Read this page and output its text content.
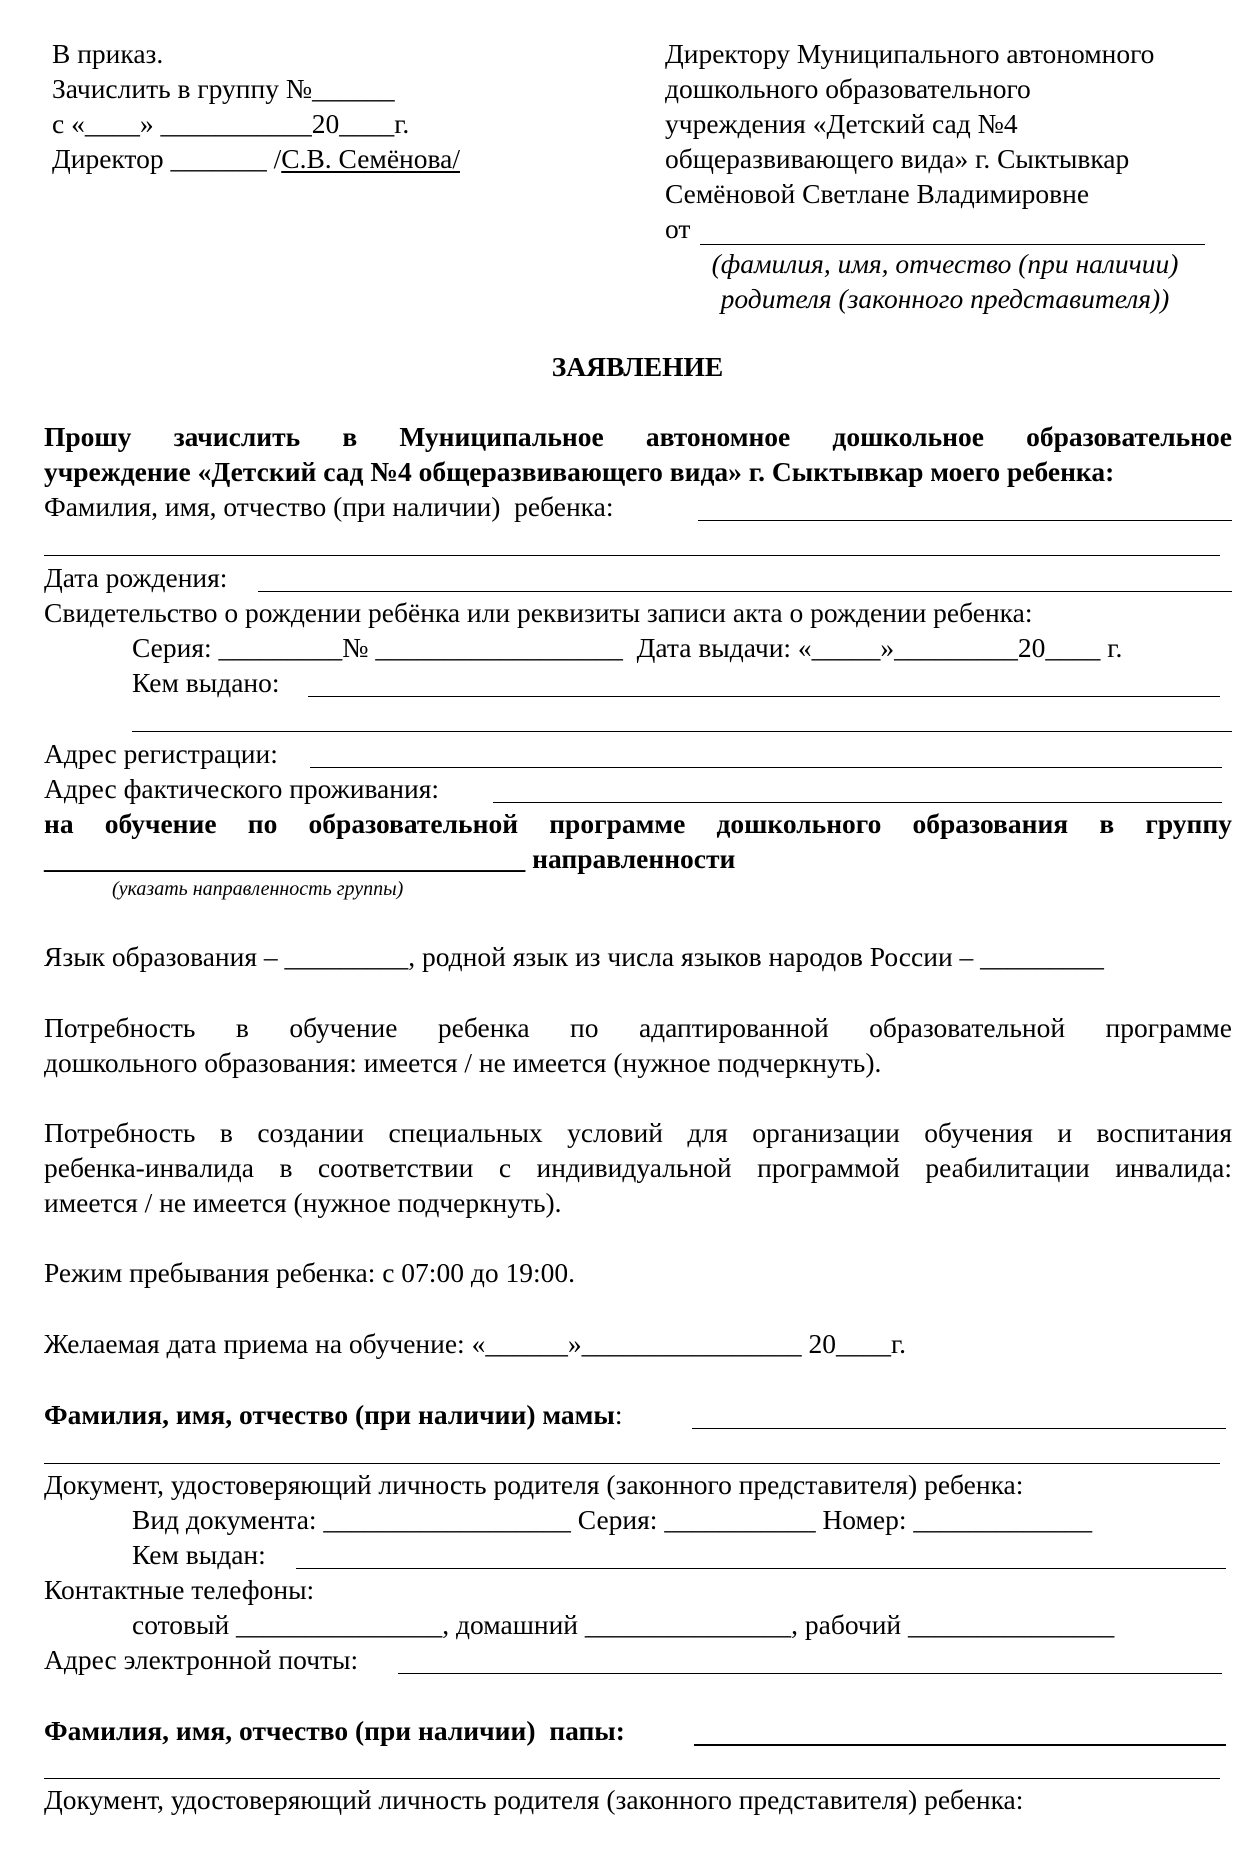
В приказ.
Зачислить в группу №______
с «____» ___________20____г.
Директор _______ /С.В. Семёнова/
Директору Муниципального автономного
дошкольного образовательного
учреждения «Детский сад №4
общеразвивающего вида» г. Сыктывкар
Семёновой Светлане Владимировне
от
(фамилия, имя, отчество (при наличии)
родителя (законного представителя))
ЗАЯВЛЕНИЕ
Прошу зачислить в Муниципальное автономное дошкольное образовательное
учреждение «Детский сад №4 общеразвивающего вида» г. Сыктывкар моего ребенка:
Фамилия, имя, отчество (при наличии)  ребенка:
Дата рождения:
Свидетельство о рождении ребёнка или реквизиты записи акта о рождении ребенка:
Серия: _________№ __________________  Дата выдачи: «_____»_________20____ г.
Кем выдано:
Адрес регистрации:
Адрес фактического проживания:
на обучение по образовательной программе дошкольного образования в группу
___________________________________ направленности
(указать направленность группы)
Язык образования – _________, родной язык из числа языков народов России – _________
Потребность в обучение ребенка по адаптированной образовательной программе
дошкольного образования: имеется / не имеется (нужное подчеркнуть).
Потребность в создании специальных условий для организации обучения и воспитания
ребенка-инвалида в соответствии с индивидуальной программой реабилитации инвалида:
имеется / не имеется (нужное подчеркнуть).
Режим пребывания ребенка: с 07:00 до 19:00.
Желаемая дата приема на обучение: «______»________________ 20____г.
Фамилия, имя, отчество (при наличии) мамы:
Документ, удостоверяющий личность родителя (законного представителя) ребенка:
Вид документа: __________________ Серия: ___________ Номер: _____________
Кем выдан:
Контактные телефоны:
сотовый _______________, домашний _______________, рабочий _______________
Адрес электронной почты:
Фамилия, имя, отчество (при наличии)  папы:
Документ, удостоверяющий личность родителя (законного представителя) ребенка:
